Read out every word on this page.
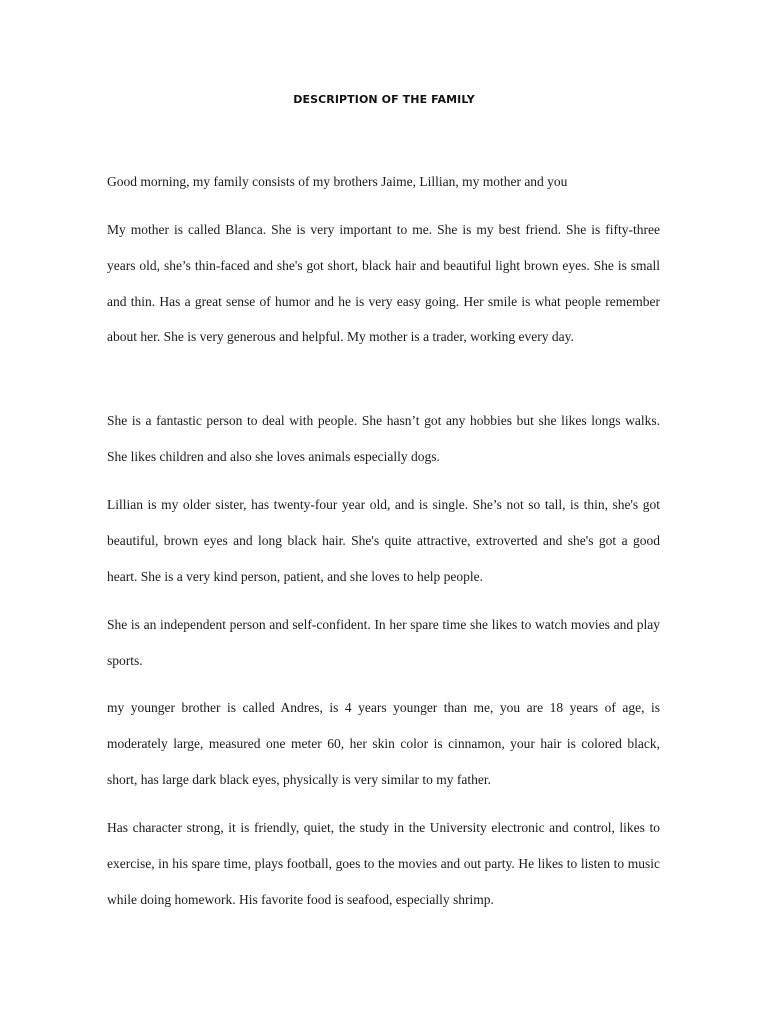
DESCRIPTION OF THE FAMILY

Good morning, my family consists of my brothers Jaime, Lillian, my mother and you

My mother is called Blanca. She is very important to me. She is my best friend. She is fifty-three years old, she’s thin-faced and she's got short, black hair and beautiful light brown eyes. She is small and thin. Has a great sense of humor and he is very easy going. Her smile is what people remember about her. She is very generous and helpful. My mother is a trader, working every day.

She is a fantastic person to deal with people. She hasn’t got any hobbies but she likes longs walks. She likes children and also she loves animals especially dogs.

Lillian is my older sister, has twenty-four year old, and is single. She’s not so tall, is thin, she's got beautiful, brown eyes and long black hair. She's quite attractive, extroverted and she's got a good heart. She is a very kind person, patient, and she loves to help people.

She is an independent person and self-confident. In her spare time she likes to watch movies and play sports.

my younger brother is called Andres, is 4 years younger than me, you are 18 years of age, is moderately large, measured one meter 60, her skin color is cinnamon, your hair is colored black, short, has large dark black eyes, physically is very similar to my father.

Has character strong, it is friendly, quiet, the study in the University electronic and control, likes to exercise, in his spare time, plays football, goes to the movies and out party. He likes to listen to music while doing homework. His favorite food is seafood, especially shrimp.
